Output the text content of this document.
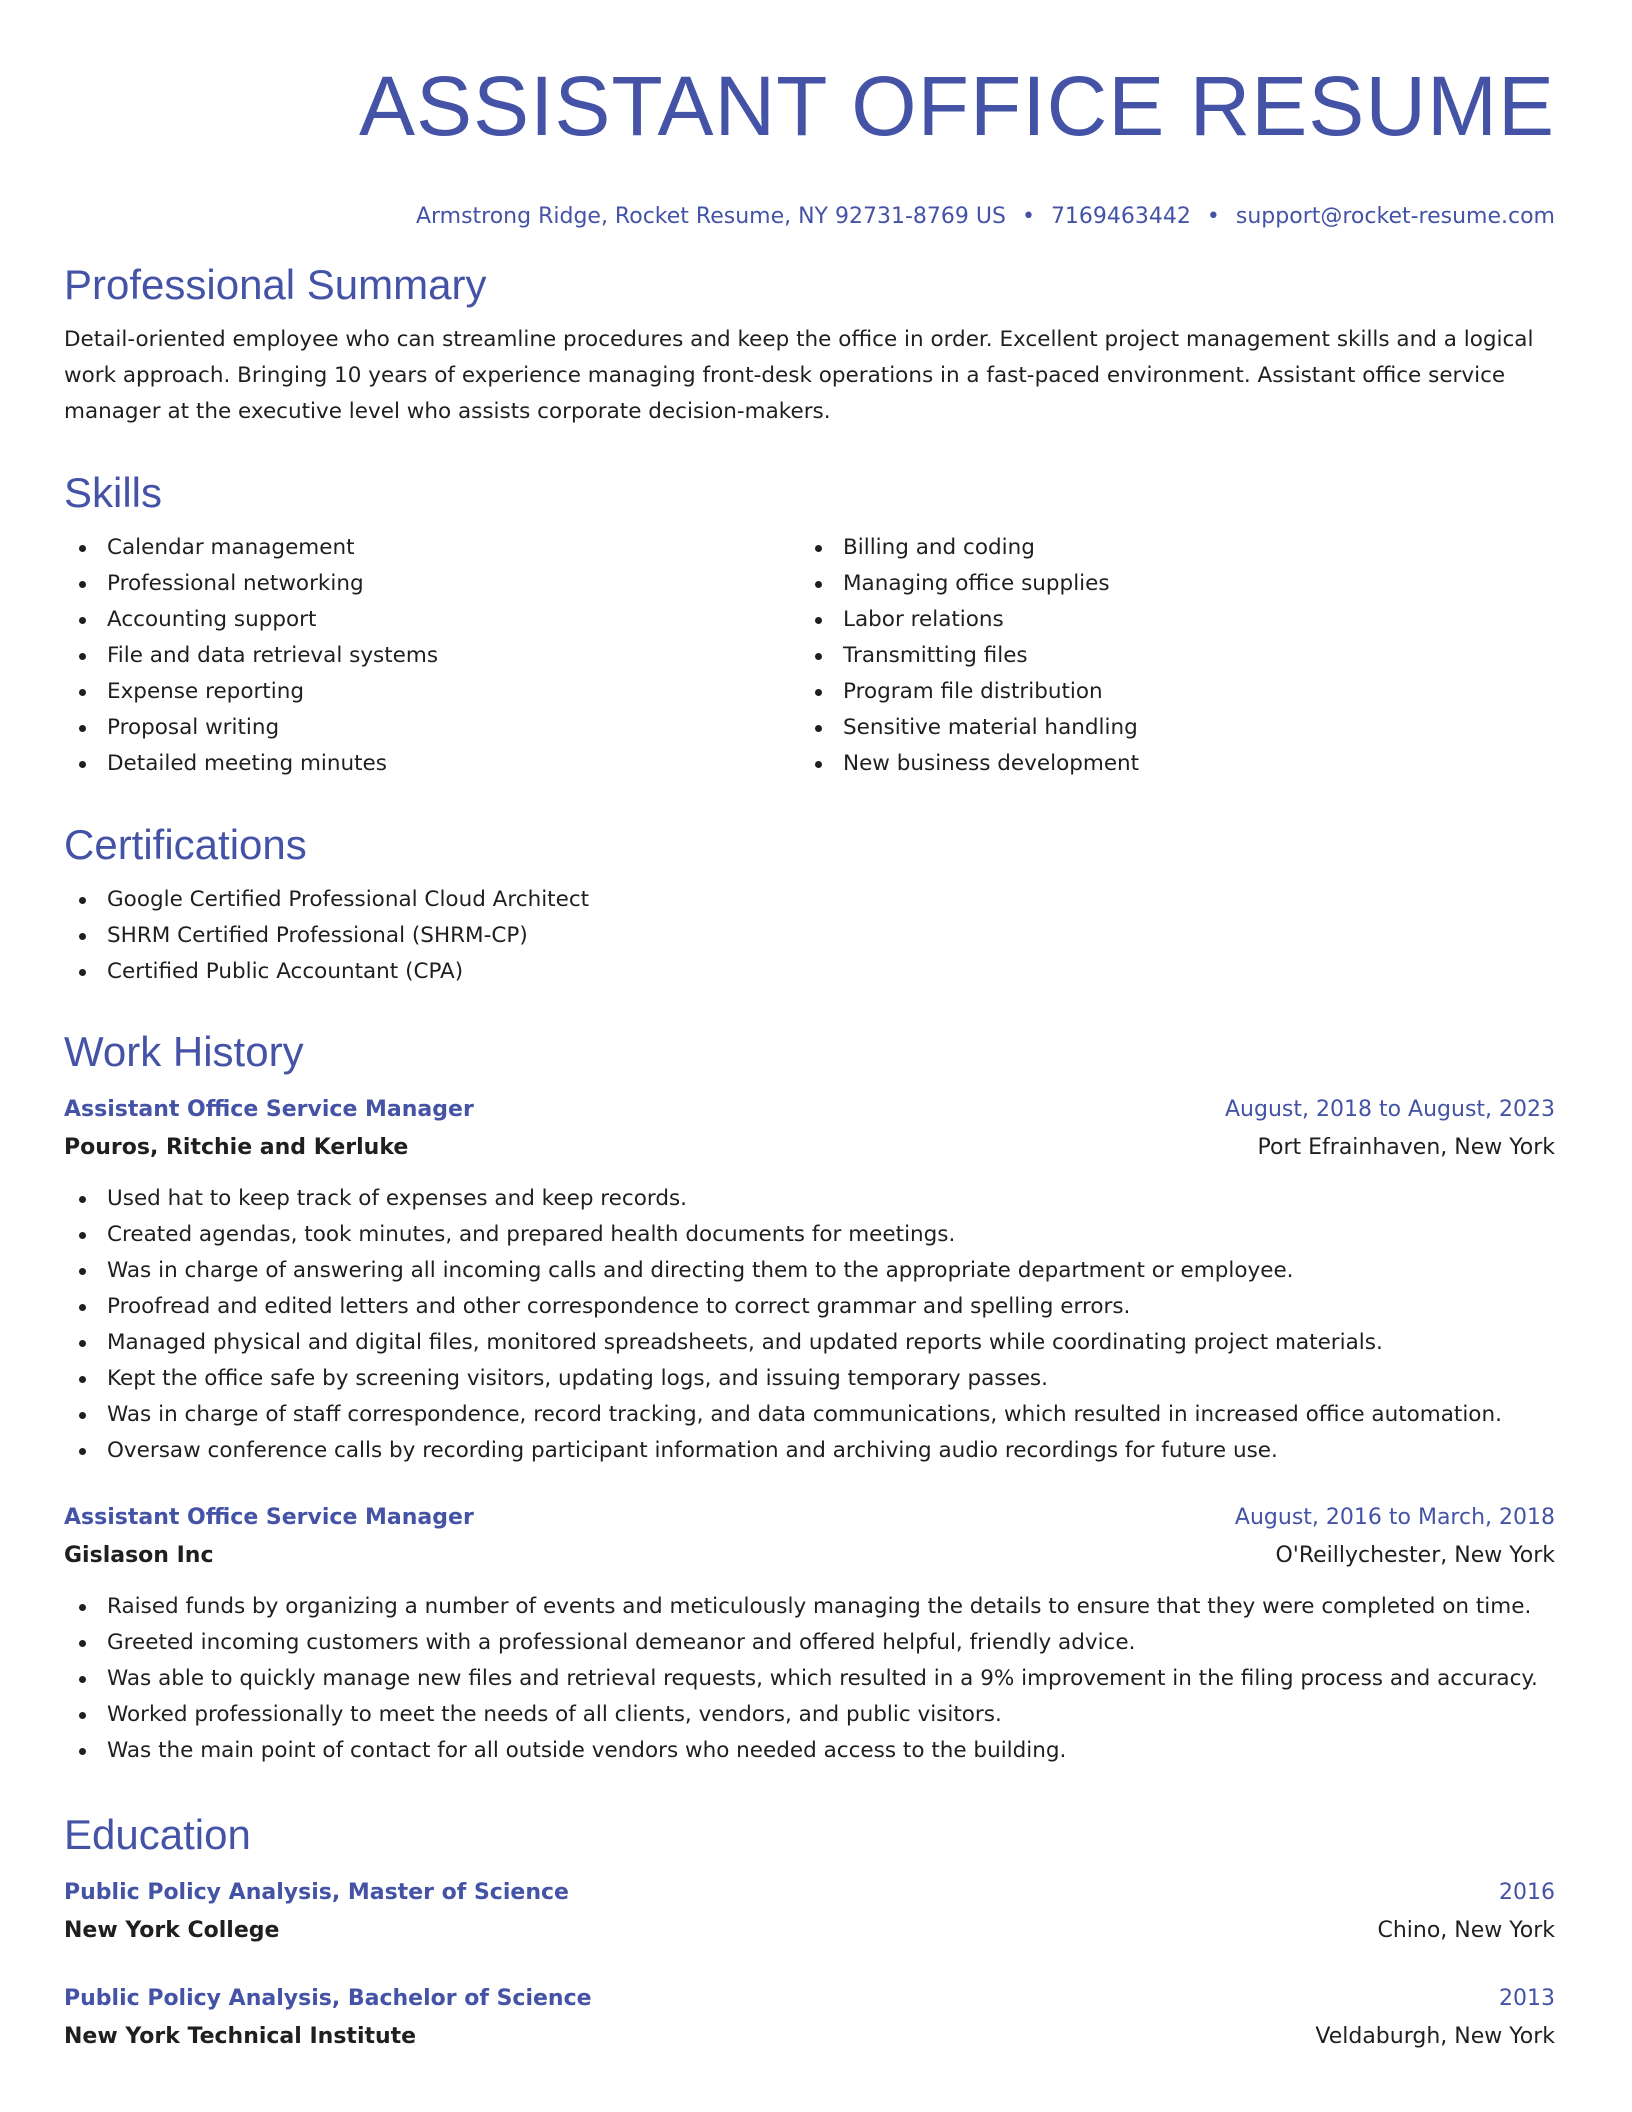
ASSISTANT OFFICE RESUME
Armstrong Ridge, Rocket Resume, NY 92731-8769 US • 7169463442 • support@rocket-resume.com
Professional Summary

Detail-oriented employee who can streamline procedures and keep the office in order. Excellent project management skills and a logical work approach. Bringing 10 years of experience managing front-desk operations in a fast-paced environment. Assistant office service manager at the executive level who assists corporate decision-makers.

Skills
Calendar management
Professional networking
Accounting support
File and data retrieval systems
Expense reporting
Proposal writing
Detailed meeting minutes
Billing and coding
Managing office supplies
Labor relations
Transmitting files
Program file distribution
Sensitive material handling
New business development
Certifications
Google Certified Professional Cloud Architect
SHRM Certified Professional (SHRM-CP)
Certified Public Accountant (CPA)
Work History
Assistant Office Service Manager	August, 2018 to August, 2023
Pouros, Ritchie and Kerluke	Port Efrainhaven, New York
Used hat to keep track of expenses and keep records.
Created agendas, took minutes, and prepared health documents for meetings.
Was in charge of answering all incoming calls and directing them to the appropriate department or employee.
Proofread and edited letters and other correspondence to correct grammar and spelling errors.
Managed physical and digital files, monitored spreadsheets, and updated reports while coordinating project materials.
Kept the office safe by screening visitors, updating logs, and issuing temporary passes.
Was in charge of staff correspondence, record tracking, and data communications, which resulted in increased office automation.
Oversaw conference calls by recording participant information and archiving audio recordings for future use.
Assistant Office Service Manager	August, 2016 to March, 2018
Gislason Inc	O'Reillychester, New York
Raised funds by organizing a number of events and meticulously managing the details to ensure that they were completed on time.
Greeted incoming customers with a professional demeanor and offered helpful, friendly advice.
Was able to quickly manage new files and retrieval requests, which resulted in a 9% improvement in the filing process and accuracy.
Worked professionally to meet the needs of all clients, vendors, and public visitors.
Was the main point of contact for all outside vendors who needed access to the building.
Education
Public Policy Analysis, Master of Science	2016
New York College	Chino, New York
Public Policy Analysis, Bachelor of Science	2013
New York Technical Institute	Veldaburgh, New York
